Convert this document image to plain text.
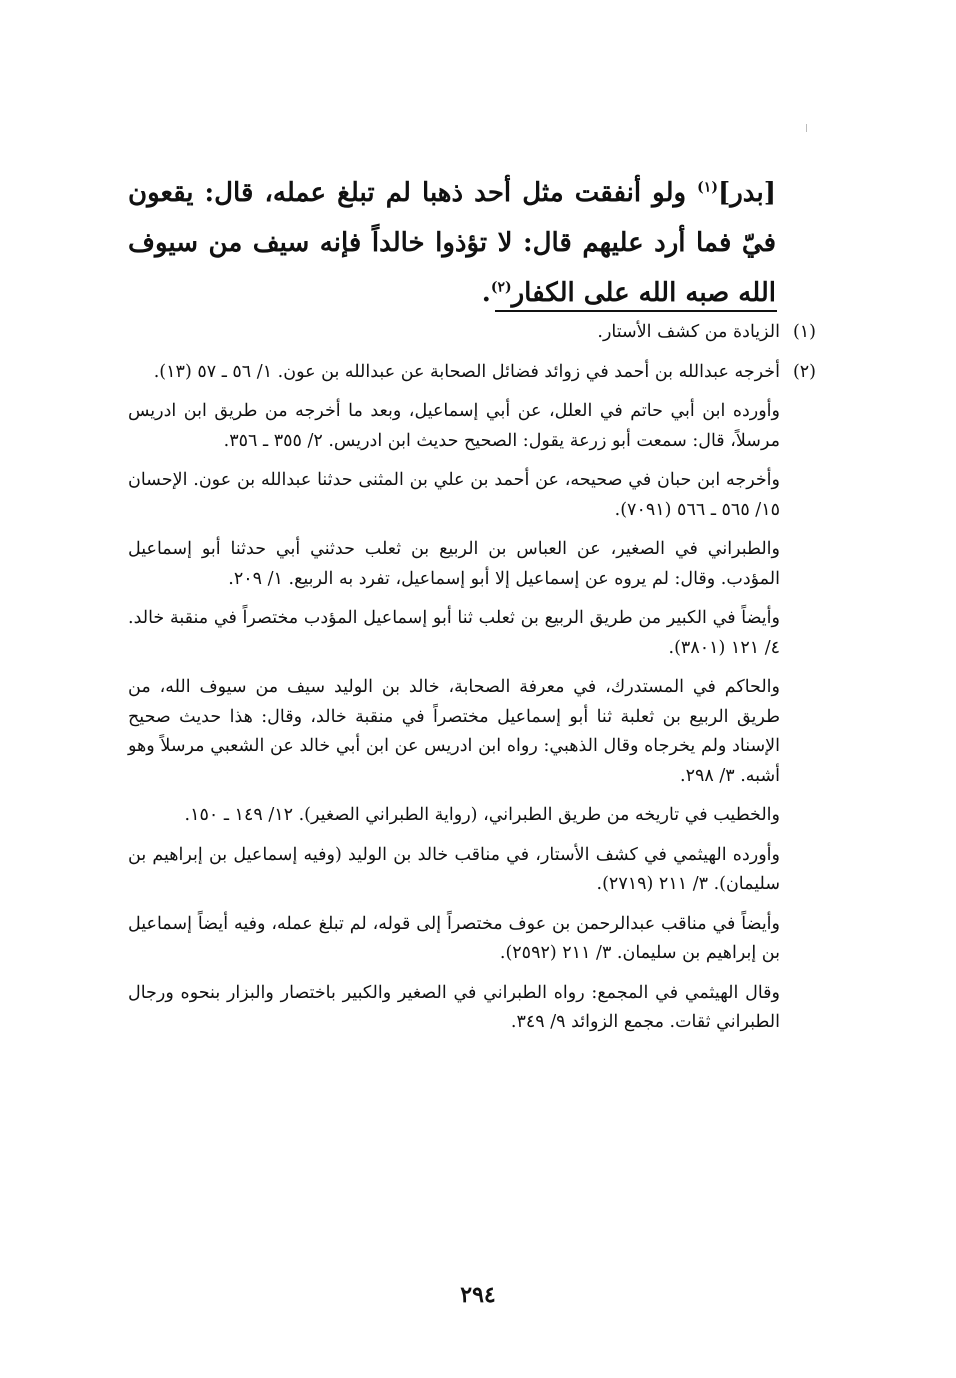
[بدر]$^{(١)}$ ولو أنفقت مثل أحد ذهبا لم تبلغ عمله، قال: يقعون فيّ فما أرد عليهم قال: لا تؤذوا خالداً فإنه سيف من سيوف الله صبه الله على الكفار$^{(٢)}$.

(١)الزيادة من كشف الأستار.

(٢)أخرجه عبدالله بن أحمد في زوائد فضائل الصحابة عن عبدالله بن عون. ١/ ٥٦ ـ ٥٧ (١٣).

وأورده ابن أبي حاتم في العلل، عن أبي إسماعيل، وبعد ما أخرجه من طريق ابن ادريس مرسلاً، قال: سمعت أبو زرعة يقول: الصحيح حديث ابن ادريس. ٢/ ٣٥٥ ـ ٣٥٦.

وأخرجه ابن حبان في صحيحه، عن أحمد بن علي بن المثنى حدثنا عبدالله بن عون. الإحسان ١٥/ ٥٦٥ ـ ٥٦٦ (٧٠٩١).

والطبراني في الصغير، عن العباس بن الربيع بن ثعلب حدثني أبي حدثنا أبو إسماعيل المؤدب. وقال: لم يروه عن إسماعيل إلا أبو إسماعيل، تفرد به الربيع. ١/ ٢٠٩.

وأيضاً في الكبير من طريق الربيع بن ثعلب ثنا أبو إسماعيل المؤدب مختصراً في منقبة خالد. ٤/ ١٢١ (٣٨٠١).

والحاكم في المستدرك، في معرفة الصحابة، خالد بن الوليد سيف من سيوف الله، من طريق الربيع بن ثعلبة ثنا أبو إسماعيل مختصراً في منقبة خالد، وقال: هذا حديث صحيح الإسناد ولم يخرجاه وقال الذهبي: رواه ابن ادريس عن ابن أبي خالد عن الشعبي مرسلاً وهو أشبه. ٣/ ٢٩٨.

والخطيب في تاريخه من طريق الطبراني، (رواية الطبراني الصغير). ١٢/ ١٤٩ ـ ١٥٠.

وأورده الهيثمي في كشف الأستار، في مناقب خالد بن الوليد (وفيه إسماعيل بن إبراهيم بن سليمان). ٣/ ٢١١ (٢٧١٩).

وأيضاً في مناقب عبدالرحمن بن عوف مختصراً إلى قوله، لم تبلغ عمله، وفيه أيضاً إسماعيل بن إبراهيم بن سليمان. ٣/ ٢١١ (٢٥٩٢).

وقال الهيثمي في المجمع: رواه الطبراني في الصغير والكبير باختصار والبزار بنحوه ورجال الطبراني ثقات. مجمع الزوائد ٩/ ٣٤٩.

٢٩٤
